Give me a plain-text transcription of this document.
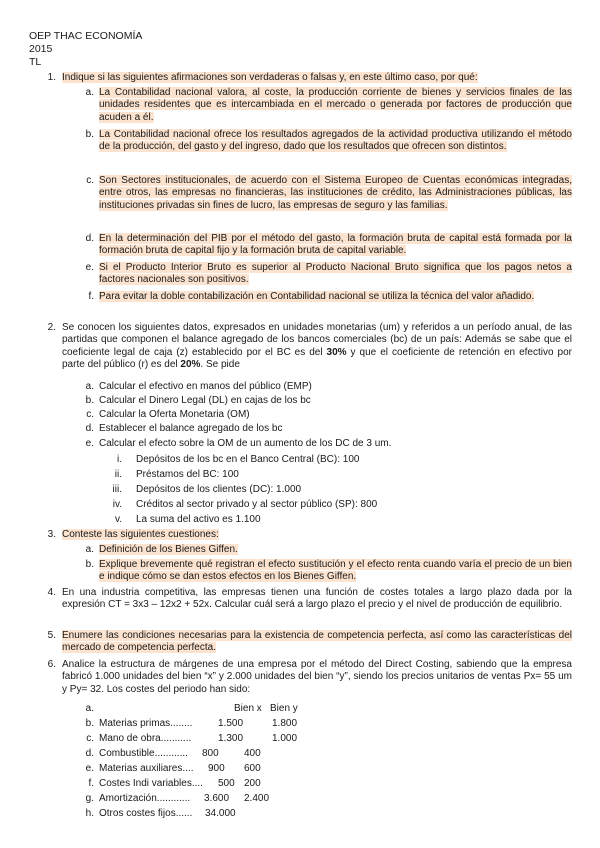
OEP THAC ECONOMÍA
2015
TL
1. Indique si las siguientes afirmaciones son verdaderas o falsas y, en este último caso, por qué:
a. La Contabilidad nacional valora, al coste, la producción corriente de bienes y servicios finales de las unidades residentes que es intercambiada en el mercado o generada por factores de producción que acuden a él.
b. La Contabilidad nacional ofrece los resultados agregados de la actividad productiva utilizando el método de la producción, del gasto y del ingreso, dado que los resultados que ofrecen son distintos.
c. Son Sectores institucionales, de acuerdo con el Sistema Europeo de Cuentas económicas integradas, entre otros, las empresas no financieras, las instituciones de crédito, las Administraciones públicas, las instituciones privadas sin fines de lucro, las empresas de seguro y las familias.
d. En la determinación del PIB por el método del gasto, la formación bruta de capital está formada por la formación bruta de capital fijo y la formación bruta de capital variable.
e. Si el Producto Interior Bruto es superior al Producto Nacional Bruto significa que los pagos netos a factores nacionales son positivos.
f. Para evitar la doble contabilización en Contabilidad nacional se utiliza la técnica del valor añadido.
2. Se conocen los siguientes datos, expresados en unidades monetarias (um) y referidos a un período anual, de las partidas que componen el balance agregado de los bancos comerciales (bc) de un país: Además se sabe que el coeficiente legal de caja (z) establecido por el BC es del 30% y que el coeficiente de retención en efectivo por parte del público (r) es del 20%. Se pide
a. Calcular el efectivo en manos del público (EMP)
b. Calcular el Dinero Legal (DL) en cajas de los bc
c. Calcular la Oferta Monetaria (OM)
d. Establecer el balance agregado de los bc
e. Calcular el efecto sobre la OM de un aumento de los DC de 3 um.
i. Depósitos de los bc en el Banco Central (BC): 100
ii. Préstamos del BC: 100
iii. Depósitos de los clientes (DC): 1.000
iv. Créditos al sector privado y al sector público (SP): 800
v. La suma del activo es 1.100
3. Conteste las siguientes cuestiones:
a. Definición de los Bienes Giffen.
b. Explique brevemente qué registran el efecto sustitución y el efecto renta cuando varía el precio de un bien e indique cómo se dan estos efectos en los Bienes Giffen.
4. En una industria competitiva, las empresas tienen una función de costes totales a largo plazo dada por la expresión CT = 3x3 – 12x2 + 52x. Calcular cuál será a largo plazo el precio y el nivel de producción de equilibrio.
5. Enumere las condiciones necesarias para la existencia de competencia perfecta, así como las características del mercado de competencia perfecta.
6. Analice la estructura de márgenes de una empresa por el método del Direct Costing, sabiendo que la empresa fabricó 1.000 unidades del bien “x” y 2.000 unidades del bien “y”, siendo los precios unitarios de ventas Px= 55 um y Py= 32. Los costes del periodo han sido:
a.	Bien x Bien y
b. Materias primas........	1.500	1.800
c. Mano de obra...........	1.300	1.000
d. Combustible............ 800	400
e. Materias auxiliares.... 900 600
f. Costes Indi variables.... 500 200
g. Amortización............ 3.600 2.400
h. Otros costes fijos...... 34.000
